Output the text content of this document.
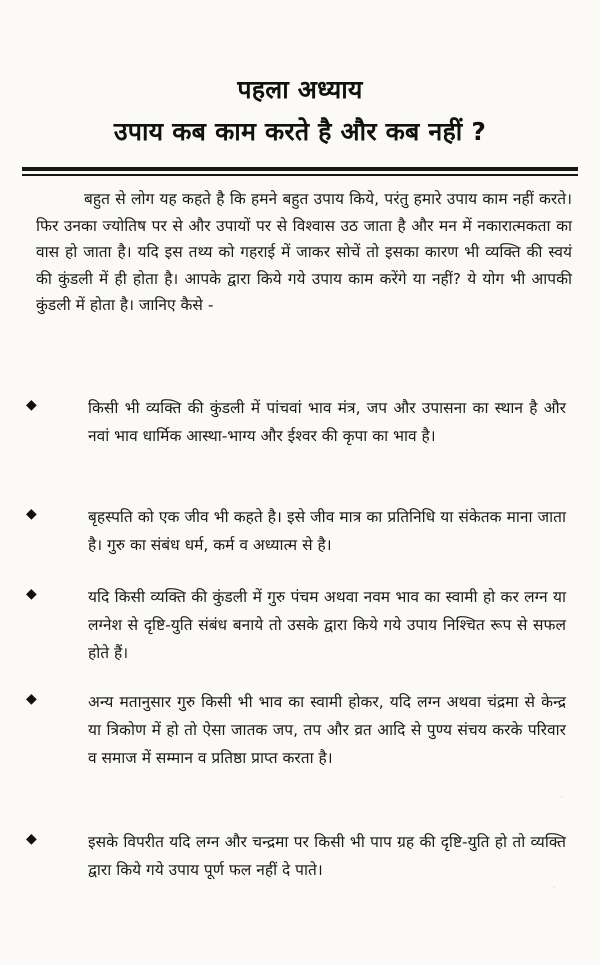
पहला अध्याय
उपाय कब काम करते है और कब नहीं ?

बहुत से लोग यह कहते है कि हमने बहुत उपाय किये, परंतु हमारे उपाय काम नहीं करते। फिर उनका ज्योतिष पर से और उपायों पर से विश्वास उठ जाता है और मन में नकारात्मकता का वास हो जाता है। यदि इस तथ्य को गहराई में जाकर सोचें तो इसका कारण भी व्यक्ति की स्वयं की कुंडली में ही होता है। आपके द्वारा किये गये उपाय काम करेंगे या नहीं? ये योग भी आपकी कुंडली में होता है। जानिए कैसे -

◆	किसी भी व्यक्ति की कुंडली में पांचवां भाव मंत्र, जप और उपासना का स्थान है और नवां भाव धार्मिक आस्था-भाग्य और ईश्वर की कृपा का भाव है।

◆	बृहस्पति को एक जीव भी कहते है। इसे जीव मात्र का प्रतिनिधि या संकेतक माना जाता है। गुरु का संबंध धर्म, कर्म व अध्यात्म से है।

◆	यदि किसी व्यक्ति की कुंडली में गुरु पंचम अथवा नवम भाव का स्वामी हो कर लग्न या लग्नेश से दृष्टि-युति संबंध बनाये तो उसके द्वारा किये गये उपाय निश्चित रूप से सफल होते हैं।

◆	अन्य मतानुसार गुरु किसी भी भाव का स्वामी होकर, यदि लग्न अथवा चंद्रमा से केन्द्र या त्रिकोण में हो तो ऐसा जातक जप, तप और व्रत आदि से पुण्य संचय करके परिवार व समाज में सम्मान व प्रतिष्ठा प्राप्त करता है।

◆	इसके विपरीत यदि लग्न और चन्द्रमा पर किसी भी पाप ग्रह की दृष्टि-युति हो तो व्यक्ति द्वारा किये गये उपाय पूर्ण फल नहीं दे पाते।

·
·
